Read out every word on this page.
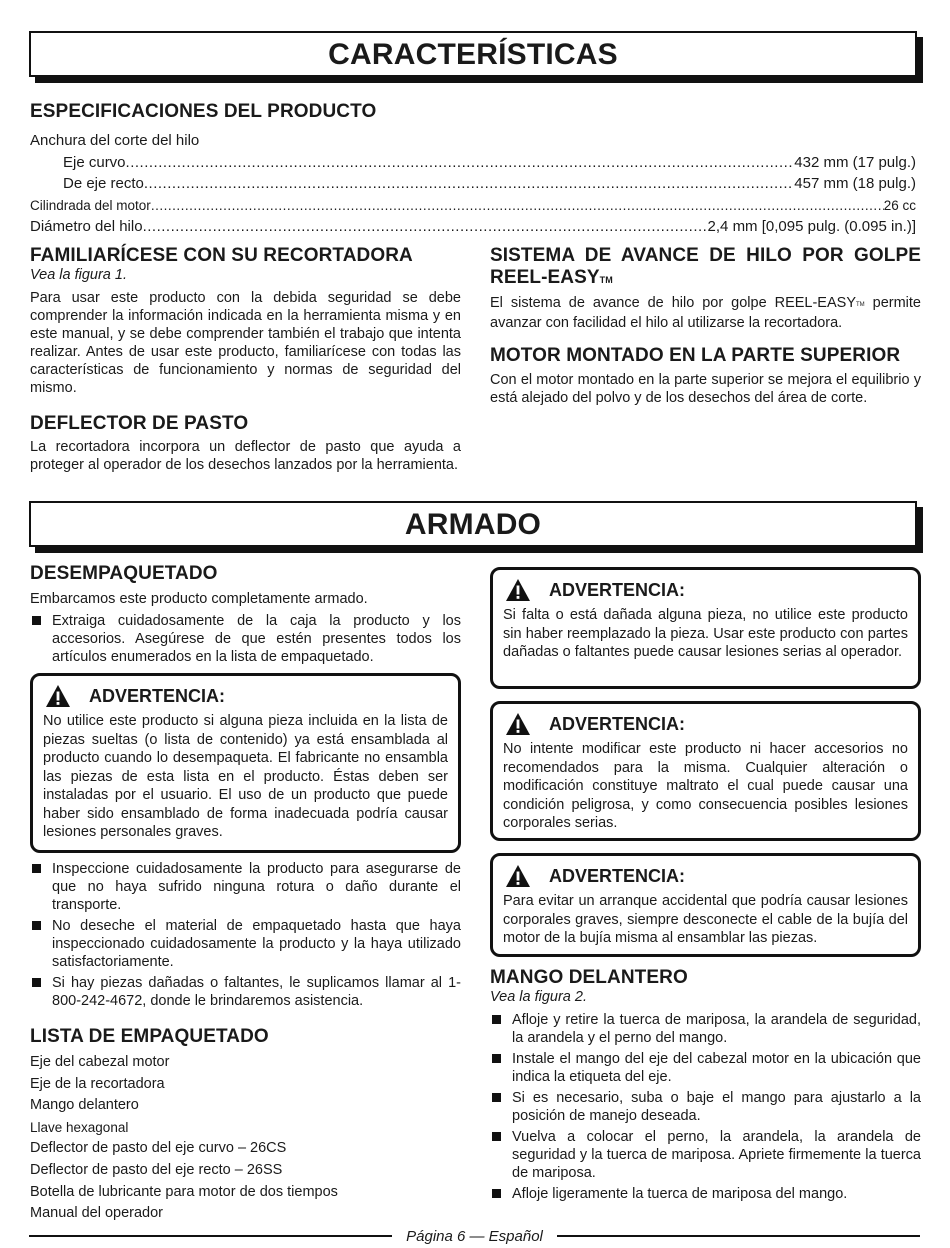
CARACTERÍSTICAS
ESPECIFICACIONES DEL PRODUCTO
Anchura del corte del hilo
Eje curvo .....	432 mm (17 pulg.)
De eje recto .....	457 mm (18 pulg.)
Cilindrada del motor .....	26 cc
Diámetro del hilo .....	2,4 mm [0,095 pulg. (0.095 in.)]
FAMILIARÍCESE CON SU RECORTADORA
Vea la figura 1.

Para usar este producto con la debida seguridad se debe comprender la información indicada en la herramienta misma y en este manual, y se debe comprender también el trabajo que intenta realizar. Antes de usar este producto, familiarícese con todas las características de funcionamiento y normas de seguridad del mismo.

DEFLECTOR DE PASTO

La recortadora incorpora un deflector de pasto que ayuda a proteger al operador de los desechos lanzados por la herramienta.

SISTEMA DE AVANCE DE HILO POR GOLPE
REEL-EASYTM

El sistema de avance de hilo por golpe REEL-EASYTM permite avanzar con facilidad el hilo al utilizarse la recortadora.

MOTOR MONTADO EN LA PARTE SUPERIOR

Con el motor montado en la parte superior se mejora el equilibrio y está alejado del polvo y de los desechos del área de corte.

ARMADO
DESEMPAQUETADO

Embarcamos este producto completamente armado.

Extraiga cuidadosamente de la caja la producto y los accesorios. Asegúrese de que estén presentes todos los artículos enumerados en la lista de empaquetado.
ADVERTENCIA:

No utilice este producto si alguna pieza incluida en la lista de piezas sueltas (o lista de contenido) ya está ensamblada al producto cuando lo desempaqueta. El fabricante no ensambla las piezas de esta lista en el producto. Éstas deben ser instaladas por el usuario. El uso de un producto que puede haber sido ensamblado de forma inadecuada podría causar lesiones personales graves.

Inspeccione cuidadosamente la producto para asegurarse de que no haya sufrido ninguna rotura o daño durante el transporte.
No deseche el material de empaquetado hasta que haya inspeccionado cuidadosamente la producto y la haya utilizado satisfactoriamente.
Si hay piezas dañadas o faltantes, le suplicamos llamar al 1-800-242-4672, donde le brindaremos asistencia.
LISTA DE EMPAQUETADO
Eje del cabezal motor
Eje de la recortadora
Mango delantero
Llave hexagonal
Deflector de pasto del eje curvo – 26CS
Deflector de pasto del eje recto – 26SS
Botella de lubricante para motor de dos tiempos
Manual del operador
ADVERTENCIA:

Si falta o está dañada alguna pieza, no utilice este producto sin haber reemplazado la pieza. Usar este producto con partes dañadas o faltantes puede causar lesiones serias al operador.

ADVERTENCIA:

No intente modificar este producto ni hacer accesorios no recomendados para la misma. Cualquier alteración o modificación constituye maltrato el cual puede causar una condición peligrosa, y como consecuencia posibles lesiones corporales serias.

ADVERTENCIA:

Para evitar un arranque accidental que podría causar lesiones corporales graves, siempre desconecte el cable de la bujía del motor de la bujía misma al ensamblar las piezas.

MANGO DELANTERO
Vea la figura 2.
Afloje y retire la tuerca de mariposa, la arandela de seguridad, la arandela y el perno del mango.
Instale el mango del eje del cabezal motor en la ubicación que indica la etiqueta del eje.
Si es necesario, suba o baje el mango para ajustarlo a la posición de manejo deseada.
Vuelva a colocar el perno, la arandela, la arandela de seguridad y la tuerca de mariposa. Apriete firmemente la tuerca de mariposa.
Afloje ligeramente la tuerca de mariposa del mango.
Página 6 — Español
